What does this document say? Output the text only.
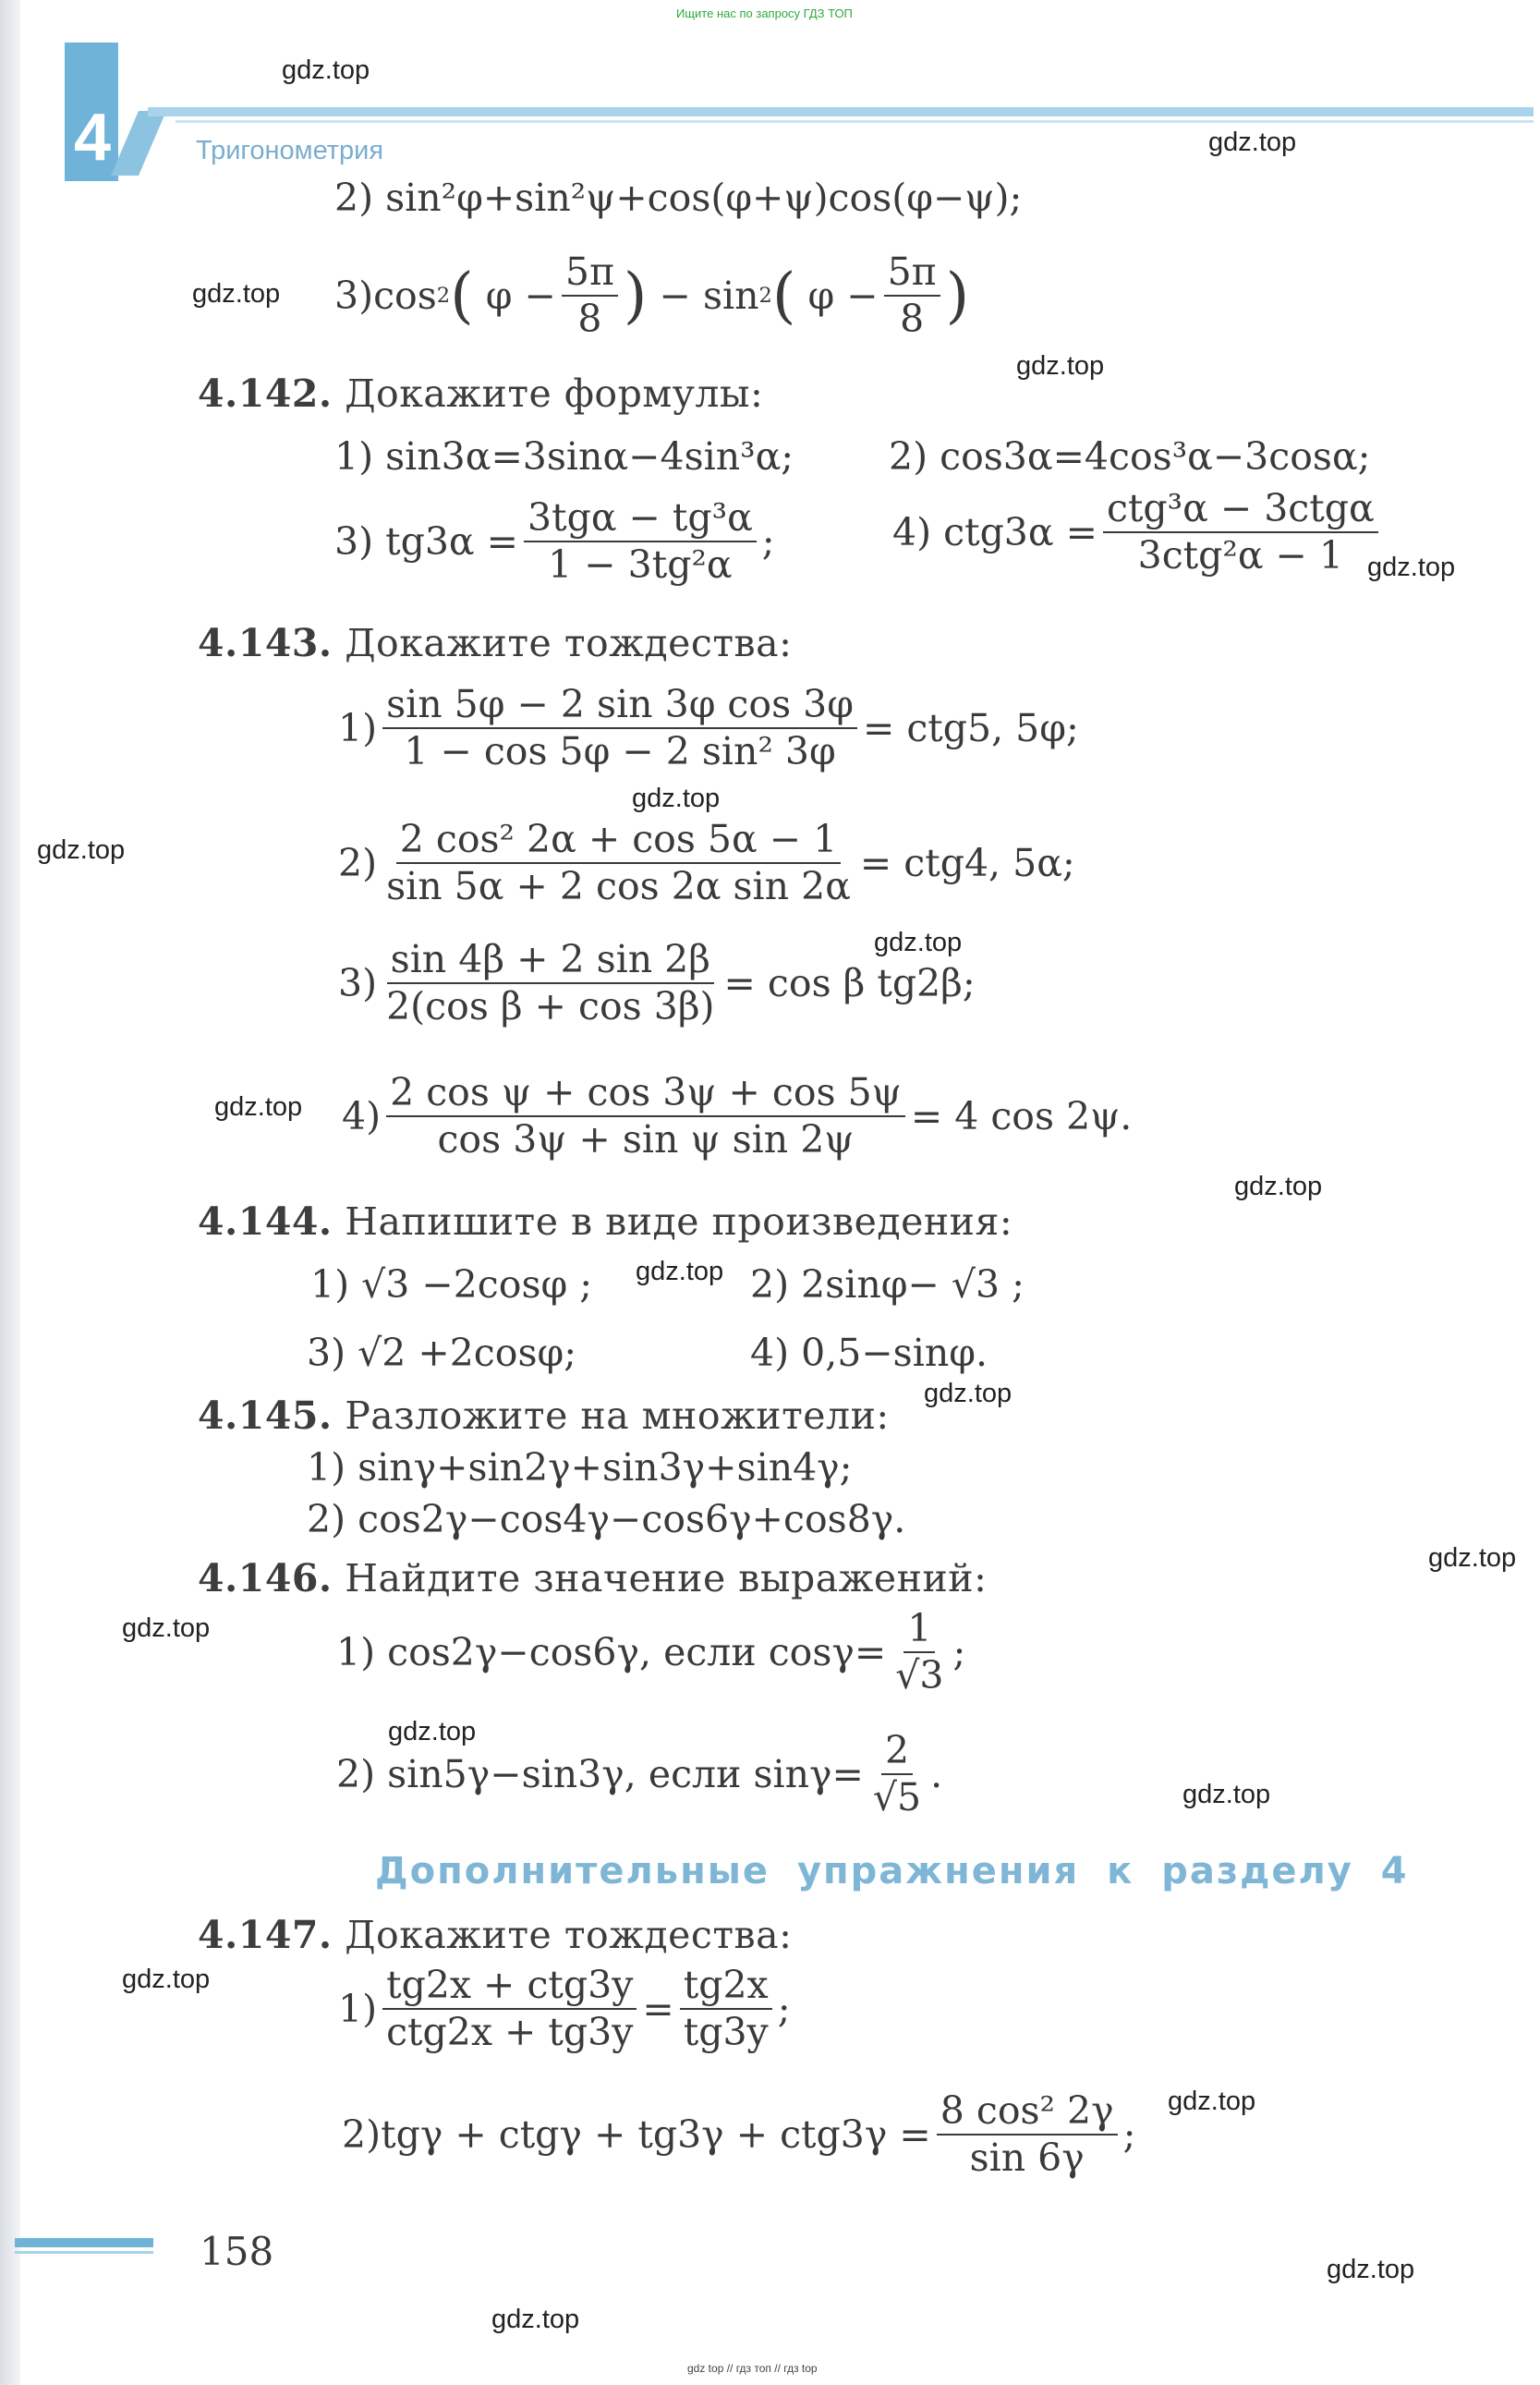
4	Тригонометрия
Ищите нас по запросу ГДЗ ТОП
2) sin²φ+sin²ψ+cos(φ+ψ)cos(φ−ψ);
3) cos 2 ( $\varphi - \frac{5\pi}{8}$ ) − sin 2 ( $\varphi - \frac{5\pi}{8}$ )
4.142. Докажите формулы:
1) sin3α=3sinα−4sin³α;	2) cos3α=4cos³α−3cosα;
3) $tg3\alpha = \frac{\text{3tgα − tg³α}}{\text{1 − 3tg²α}}$ ;	4) $ctg3\alpha = \frac{\text{ctg³α − 3ctgα}}{\text{3ctg²α − 1}}$
4.143. Докажите тождества:
$1) \frac{\text{sin 5φ − 2 sin 3φ cos 3φ}}{\text{1 − cos 5φ − 2 sin² 3φ}} = ctg5$, 5φ;
$2) \frac{\text{2 cos² 2α + cos 5α − 1}}{\text{sin 5α + 2 cos 2α sin 2α}} = ctg4$, 5α;
$3) \frac{\sin 4\beta + 2 \sin 2\beta}{\text{2(cos β + cos 3β)}} = \cos \beta$ tg2β;
$4) \frac{\text{2 cos ψ + cos 3ψ + cos 5ψ}}{\text{cos 3ψ + sin ψ sin 2ψ}} = 4$ cos 2ψ.
4.144. Напишите в виде произведения:
1) √3 −2cosφ ;	2) 2sinφ− √3 ;
3) √2 +2cosφ;	4) 0,5−sinφ.
4.145. Разложите на множители:
1) sinγ+sin2γ+sin3γ+sin4γ;
2) cos2γ−cos4γ−cos6γ+cos8γ.
4.146. Найдите значение выражений:
1) cos2γ−cos6γ, если $\cos\gamma= \frac{1}{√3}$ ;
2) sin5γ−sin3γ, если $\sin\gamma= \frac{2}{√5}$ .
Дополнительные упражнения к разделу 4
4.147. Докажите тождества:
$1) \frac{\text{tg2x + ctg3y}}{\text{ctg2x + tg3y}} = \frac{tg2x}{tg3y}$ ;
2) $tg\gamma + ctg\gamma + tg3\gamma + ctg3\gamma = \frac{\text{8 cos² 2γ}}{\sin 6\gamma}$ ;
158
gdz top // гдз топ // гдз top
gdz.top
gdz.top
gdz.top
gdz.top
gdz.top
gdz.top
gdz.top
gdz.top
gdz.top
gdz.top
gdz.top
gdz.top
gdz.top
gdz.top
gdz.top
gdz.top
gdz.top
gdz.top
gdz.top
gdz.top
